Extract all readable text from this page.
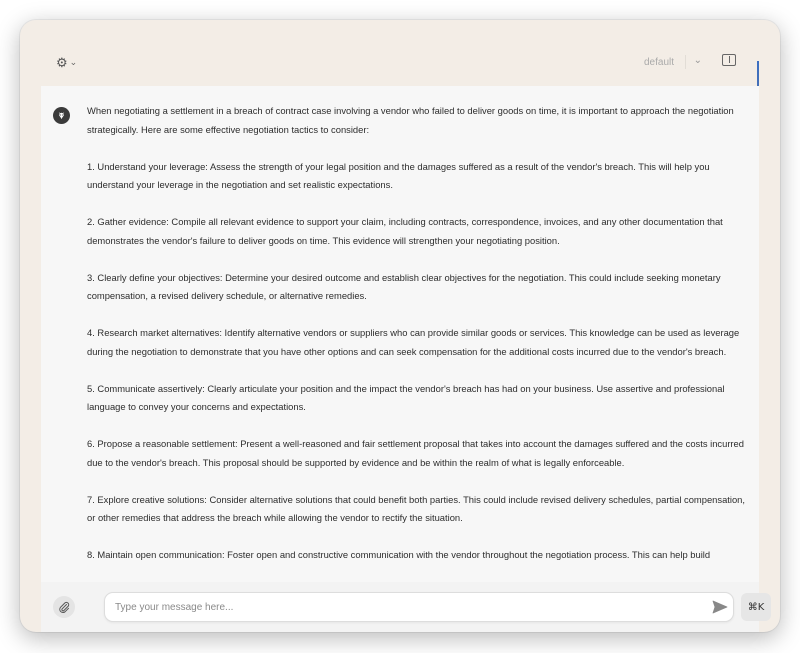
⚙ ⌄	default ⌄

When negotiating a settlement in a breach of contract case involving a vendor who failed to deliver goods on time, it is important to approach the negotiation strategically. Here are some effective negotiation tactics to consider:

1. Understand your leverage: Assess the strength of your legal position and the damages suffered as a result of the vendor's breach. This will help you understand your leverage in the negotiation and set realistic expectations.

2. Gather evidence: Compile all relevant evidence to support your claim, including contracts, correspondence, invoices, and any other documentation that demonstrates the vendor's failure to deliver goods on time. This evidence will strengthen your negotiating position.

3. Clearly define your objectives: Determine your desired outcome and establish clear objectives for the negotiation. This could include seeking monetary compensation, a revised delivery schedule, or alternative remedies.

4. Research market alternatives: Identify alternative vendors or suppliers who can provide similar goods or services. This knowledge can be used as leverage during the negotiation to demonstrate that you have other options and can seek compensation for the additional costs incurred due to the vendor's breach.

5. Communicate assertively: Clearly articulate your position and the impact the vendor's breach has had on your business. Use assertive and professional language to convey your concerns and expectations.

6. Propose a reasonable settlement: Present a well-reasoned and fair settlement proposal that takes into account the damages suffered and the costs incurred due to the vendor's breach. This proposal should be supported by evidence and be within the realm of what is legally enforceable.

7. Explore creative solutions: Consider alternative solutions that could benefit both parties. This could include revised delivery schedules, partial compensation, or other remedies that address the breach while allowing the vendor to rectify the situation.

8. Maintain open communication: Foster open and constructive communication with the vendor throughout the negotiation process. This can help build

Type your message here...
⌘K
